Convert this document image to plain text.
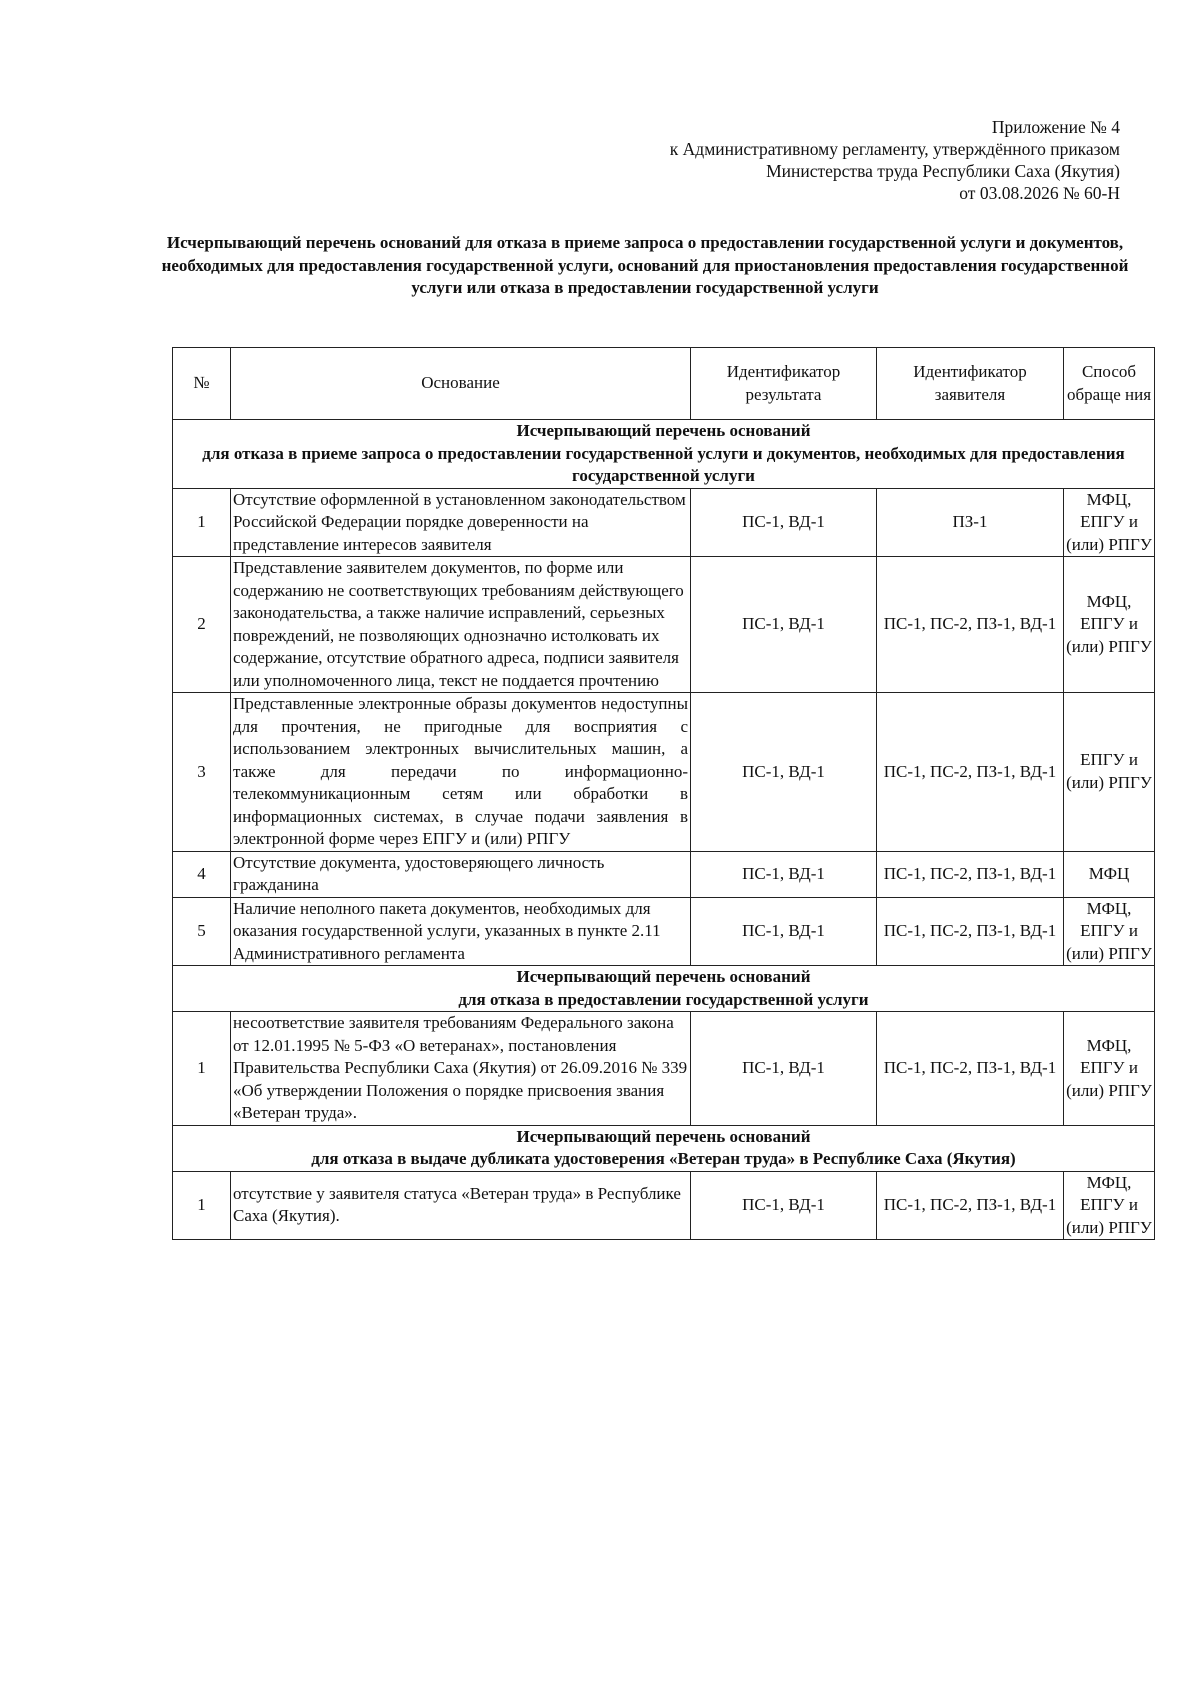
Приложение № 4
к Административному регламенту, утверждённого приказом
Министерства труда Республики Саха (Якутия)
от 03.08.2026 № 60-Н
Исчерпывающий перечень оснований для отказа в приеме запроса о предоставлении государственной услуги и документов, необходимых для предоставления государственной услуги, оснований для приостановления предоставления государственной услуги или отказа в предоставлении государственной услуги
№	Основание	Идентификатор результата	Идентификатор заявителя	Способ обраще ния

Исчерпывающий перечень оснований
для отказа в приеме запроса о предоставлении государственной услуги и документов, необходимых для предоставления государственной услуги				

1	Отсутствие оформленной в установленном законодательством Российской Федерации порядке доверенности на представление интересов заявителя	ПС-1, ВД-1	ПЗ-1	МФЦ, ЕПГУ и (или) РПГУ
2	Представление заявителем документов, по форме или содержанию не соответствующих требованиям действующего законодательства, а также наличие исправлений, серьезных повреждений, не позволяющих однозначно истолковать их содержание, отсутствие обратного адреса, подписи заявителя или уполномоченного лица, текст не поддается прочтению	ПС-1, ВД-1	ПС-1, ПС-2, ПЗ-1, ВД-1	МФЦ, ЕПГУ и (или) РПГУ
3	Представленные электронные образы документов недоступны для прочтения, не пригодные для восприятия с использованием электронных вычислительных машин, а также для передачи по информационно-телекоммуникационным сетям или обработки в информационных системах, в случае подачи заявления в электронной форме через ЕПГУ и (или) РПГУ	ПС-1, ВД-1	ПС-1, ПС-2, ПЗ-1, ВД-1	ЕПГУ и (или) РПГУ
4	Отсутствие документа, удостоверяющего личность гражданина	ПС-1, ВД-1	ПС-1, ПС-2, ПЗ-1, ВД-1	МФЦ
5	Наличие неполного пакета документов, необходимых для оказания государственной услуги, указанных в пункте 2.11 Административного регламента	ПС-1, ВД-1	ПС-1, ПС-2, ПЗ-1, ВД-1	МФЦ, ЕПГУ и (или) РПГУ

Исчерпывающий перечень оснований
для отказа в предоставлении государственной услуги				

1	несоответствие заявителя требованиям Федерального закона от 12.01.1995 № 5-ФЗ «О ветеранах», постановления Правительства Республики Саха (Якутия) от 26.09.2016 № 339 «Об утверждении Положения о порядке присвоения звания «Ветеран труда».	ПС-1, ВД-1	ПС-1, ПС-2, ПЗ-1, ВД-1	МФЦ, ЕПГУ и (или) РПГУ

Исчерпывающий перечень оснований
для отказа в выдаче дубликата удостоверения «Ветеран труда» в Республике Саха (Якутия)				

1	отсутствие у заявителя статуса «Ветеран труда» в Республике Саха (Якутия).	ПС-1, ВД-1	ПС-1, ПС-2, ПЗ-1, ВД-1	МФЦ, ЕПГУ и (или) РПГУ
